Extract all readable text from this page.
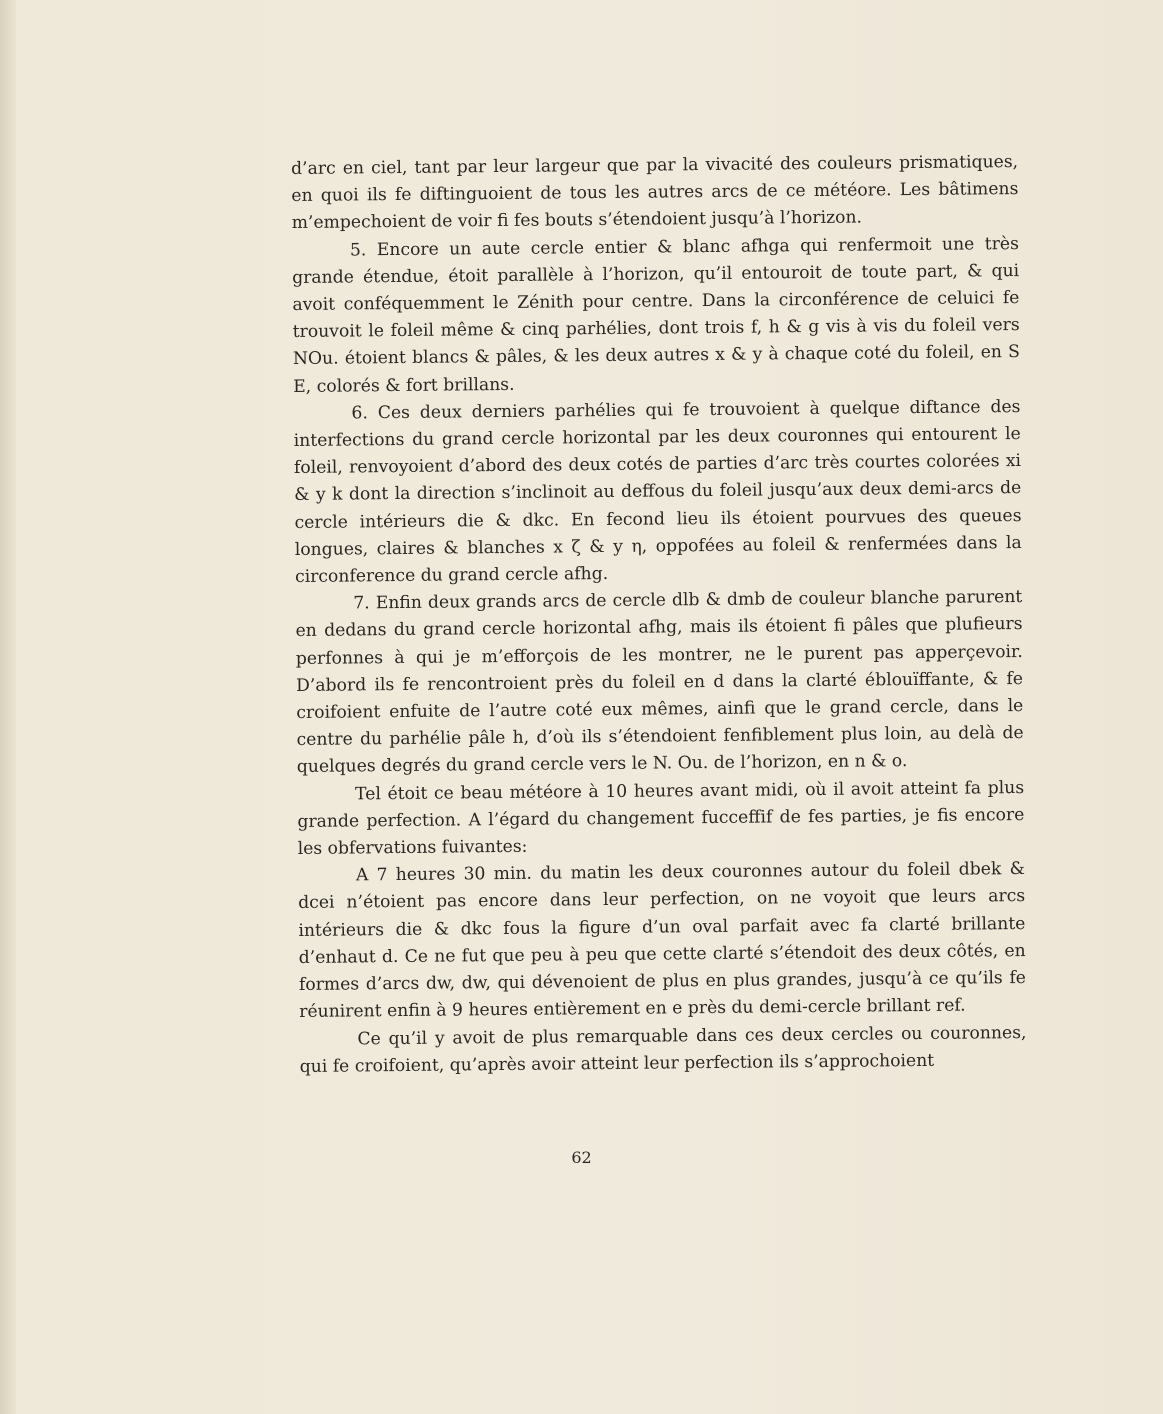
d’arc en ciel, tant par leur largeur que par la vivacité des couleurs prismatiques, en quoi ils fe diftinguoient de tous les autres arcs de ce météore. Les bâtimens m’empechoient de voir fi fes bouts s’étendoient jusqu’à l’horizon.

5. Encore un aute cercle entier & blanc afhga qui renfermoit une très grande étendue, étoit parallèle à l’horizon, qu’il entouroit de toute part, & qui avoit conféquemment le Zénith pour centre. Dans la circonférence de celuici fe trouvoit le foleil même & cinq parhélies, dont trois f, h & g vis à vis du foleil vers NOu. étoient blancs & pâles, & les deux autres x & y à chaque coté du foleil, en S E, colorés & fort brillans.

6. Ces deux derniers parhélies qui fe trouvoient à quelque diftance des interfections du grand cercle horizontal par les deux couronnes qui entourent le foleil, renvoyoient d’abord des deux cotés de parties d’arc très courtes colorées xi & y k dont la direction s’inclinoit au deffous du foleil jusqu’aux deux demi-arcs de cercle intérieurs die & dkc. En fecond lieu ils étoient pourvues des queues longues, claires & blanches x ζ & y η, oppofées au foleil & renfermées dans la circonference du grand cercle afhg.

7. Enfin deux grands arcs de cercle dlb & dmb de couleur blanche parurent en dedans du grand cercle horizontal afhg, mais ils étoient fi pâles que plufieurs perfonnes à qui je m’efforçois de les montrer, ne le purent pas apperçevoir. D’abord ils fe rencontroient près du foleil en d dans la clarté éblouïffante, & fe croifoient enfuite de l’autre coté eux mêmes, ainfi que le grand cercle, dans le centre du parhélie pâle h, d’où ils s’étendoient fenfiblement plus loin, au delà de quelques degrés du grand cercle vers le N. Ou. de l’horizon, en n & o.

Tel étoit ce beau météore à 10 heures avant midi, où il avoit atteint fa plus grande perfection. A l’égard du changement fucceffif de fes parties, je fis encore les obfervations fuivantes:

A 7 heures 30 min. du matin les deux couronnes autour du foleil dbek & dcei n’étoient pas encore dans leur perfection, on ne voyoit que leurs arcs intérieurs die & dkc fous la figure d’un oval parfait avec fa clarté brillante d’enhaut d. Ce ne fut que peu à peu que cette clarté s’étendoit des deux côtés, en formes d’arcs dw, dw, qui dévenoient de plus en plus grandes, jusqu’à ce qu’ils fe réunirent enfin à 9 heures entièrement en e près du demi-cercle brillant ref.

Ce qu’il y avoit de plus remarquable dans ces deux cercles ou couronnes, qui fe croifoient, qu’après avoir atteint leur perfection ils s’approchoient

62
